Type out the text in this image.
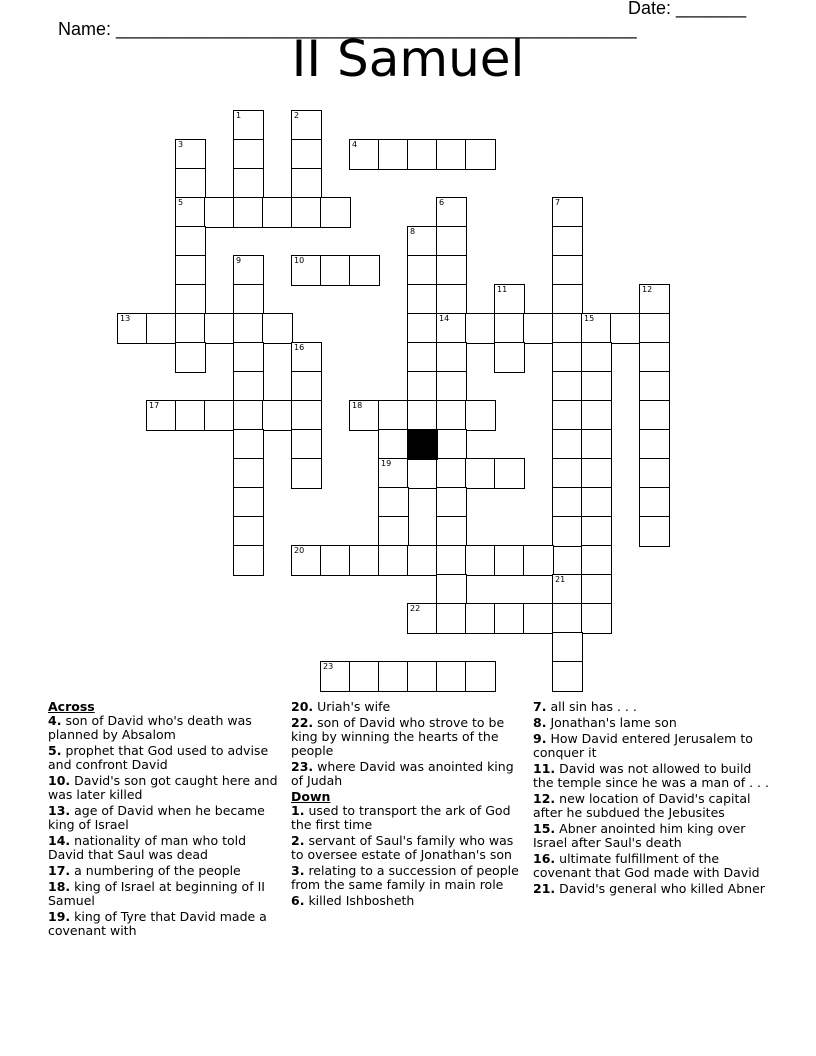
Name: ____________________________________________________

Date: _______

II Samuel
1	2
3	4
5	6	7
8
9	10
11	12
13	14	15
16
17	18
19
20
21
22
23
Across
4. son of David who's death was planned by Absalom
5. prophet that God used to advise and confront David
10. David's son got caught here and was later killed
13. age of David when he became king of Israel
14. nationality of man who told David that Saul was dead
17. a numbering of the people
18. king of Israel at beginning of II Samuel
19. king of Tyre that David made a covenant with
20. Uriah's wife
22. son of David who strove to be king by winning the hearts of the people
23. where David was anointed king of Judah
Down
1. used to transport the ark of God the first time
2. servant of Saul's family who was to oversee estate of Jonathan's son
3. relating to a succession of people from the same family in main role
6. killed Ishbosheth
7. all sin has . . .
8. Jonathan's lame son
9. How David entered Jerusalem to conquer it
11. David was not allowed to build the temple since he was a man of . . .
12. new location of David's capital after he subdued the Jebusites
15. Abner anointed him king over Israel after Saul's death
16. ultimate fulfillment of the covenant that God made with David
21. David's general who killed Abner
